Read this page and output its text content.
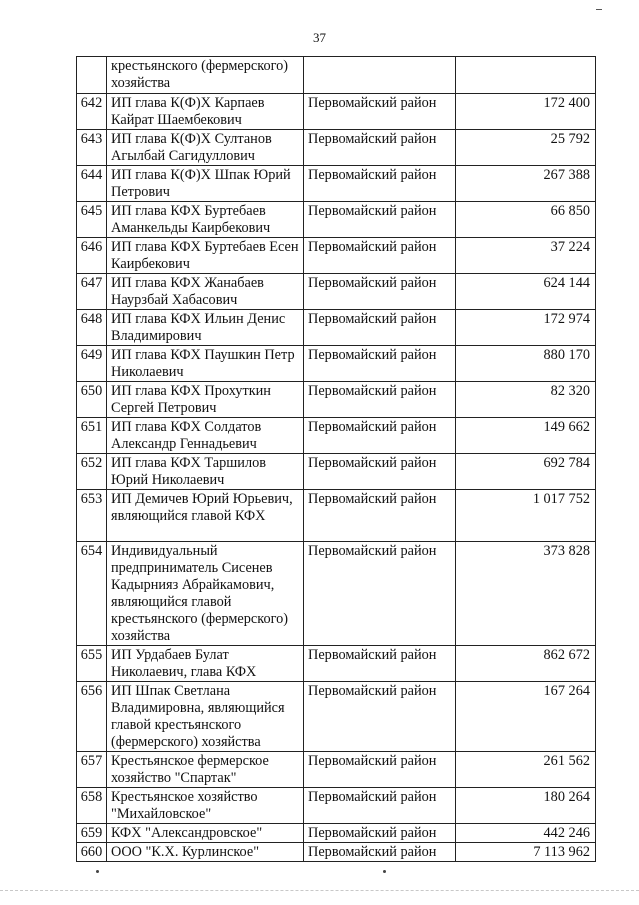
37
	крестьянского (фермерского) хозяйства		
642	ИП глава К(Ф)Х Карпаев Кайрат Шаембекович	Первомайский район	172 400
643	ИП глава К(Ф)Х Султанов Агылбай Сагидуллович	Первомайский район	25 792
644	ИП глава К(Ф)Х Шпак Юрий Петрович	Первомайский район	267 388
645	ИП глава КФХ Буртебаев Аманкельды Каирбекович	Первомайский район	66 850
646	ИП глава КФХ Буртебаев Есен Каирбекович	Первомайский район	37 224
647	ИП глава КФХ Жанабаев Наурзбай Хабасович	Первомайский район	624 144
648	ИП глава КФХ Ильин Денис Владимирович	Первомайский район	172 974
649	ИП глава КФХ Паушкин Петр Николаевич	Первомайский район	880 170
650	ИП глава КФХ Прохуткин Сергей Петрович	Первомайский район	82 320
651	ИП глава КФХ Солдатов Александр Геннадьевич	Первомайский район	149 662
652	ИП глава КФХ Таршилов Юрий Николаевич	Первомайский район	692 784
653	ИП Демичев Юрий Юрьевич, являющийся главой КФХ	Первомайский район	1 017 752
654	Индивидуальный предприниматель Сисенев Кадырнияз Абрайкамович, являющийся главой крестьянского (фермерского) хозяйства	Первомайский район	373 828
655	ИП Урдабаев Булат Николаевич, глава КФХ	Первомайский район	862 672
656	ИП Шпак Светлана Владимировна, являющийся главой крестьянского (фермерского) хозяйства	Первомайский район	167 264
657	Крестьянское фермерское хозяйство "Спартак"	Первомайский район	261 562
658	Крестьянское хозяйство "Михайловское"	Первомайский район	180 264
659	КФХ "Александровское"	Первомайский район	442 246
660	ООО "К.Х. Курлинское"	Первомайский район	7 113 962
